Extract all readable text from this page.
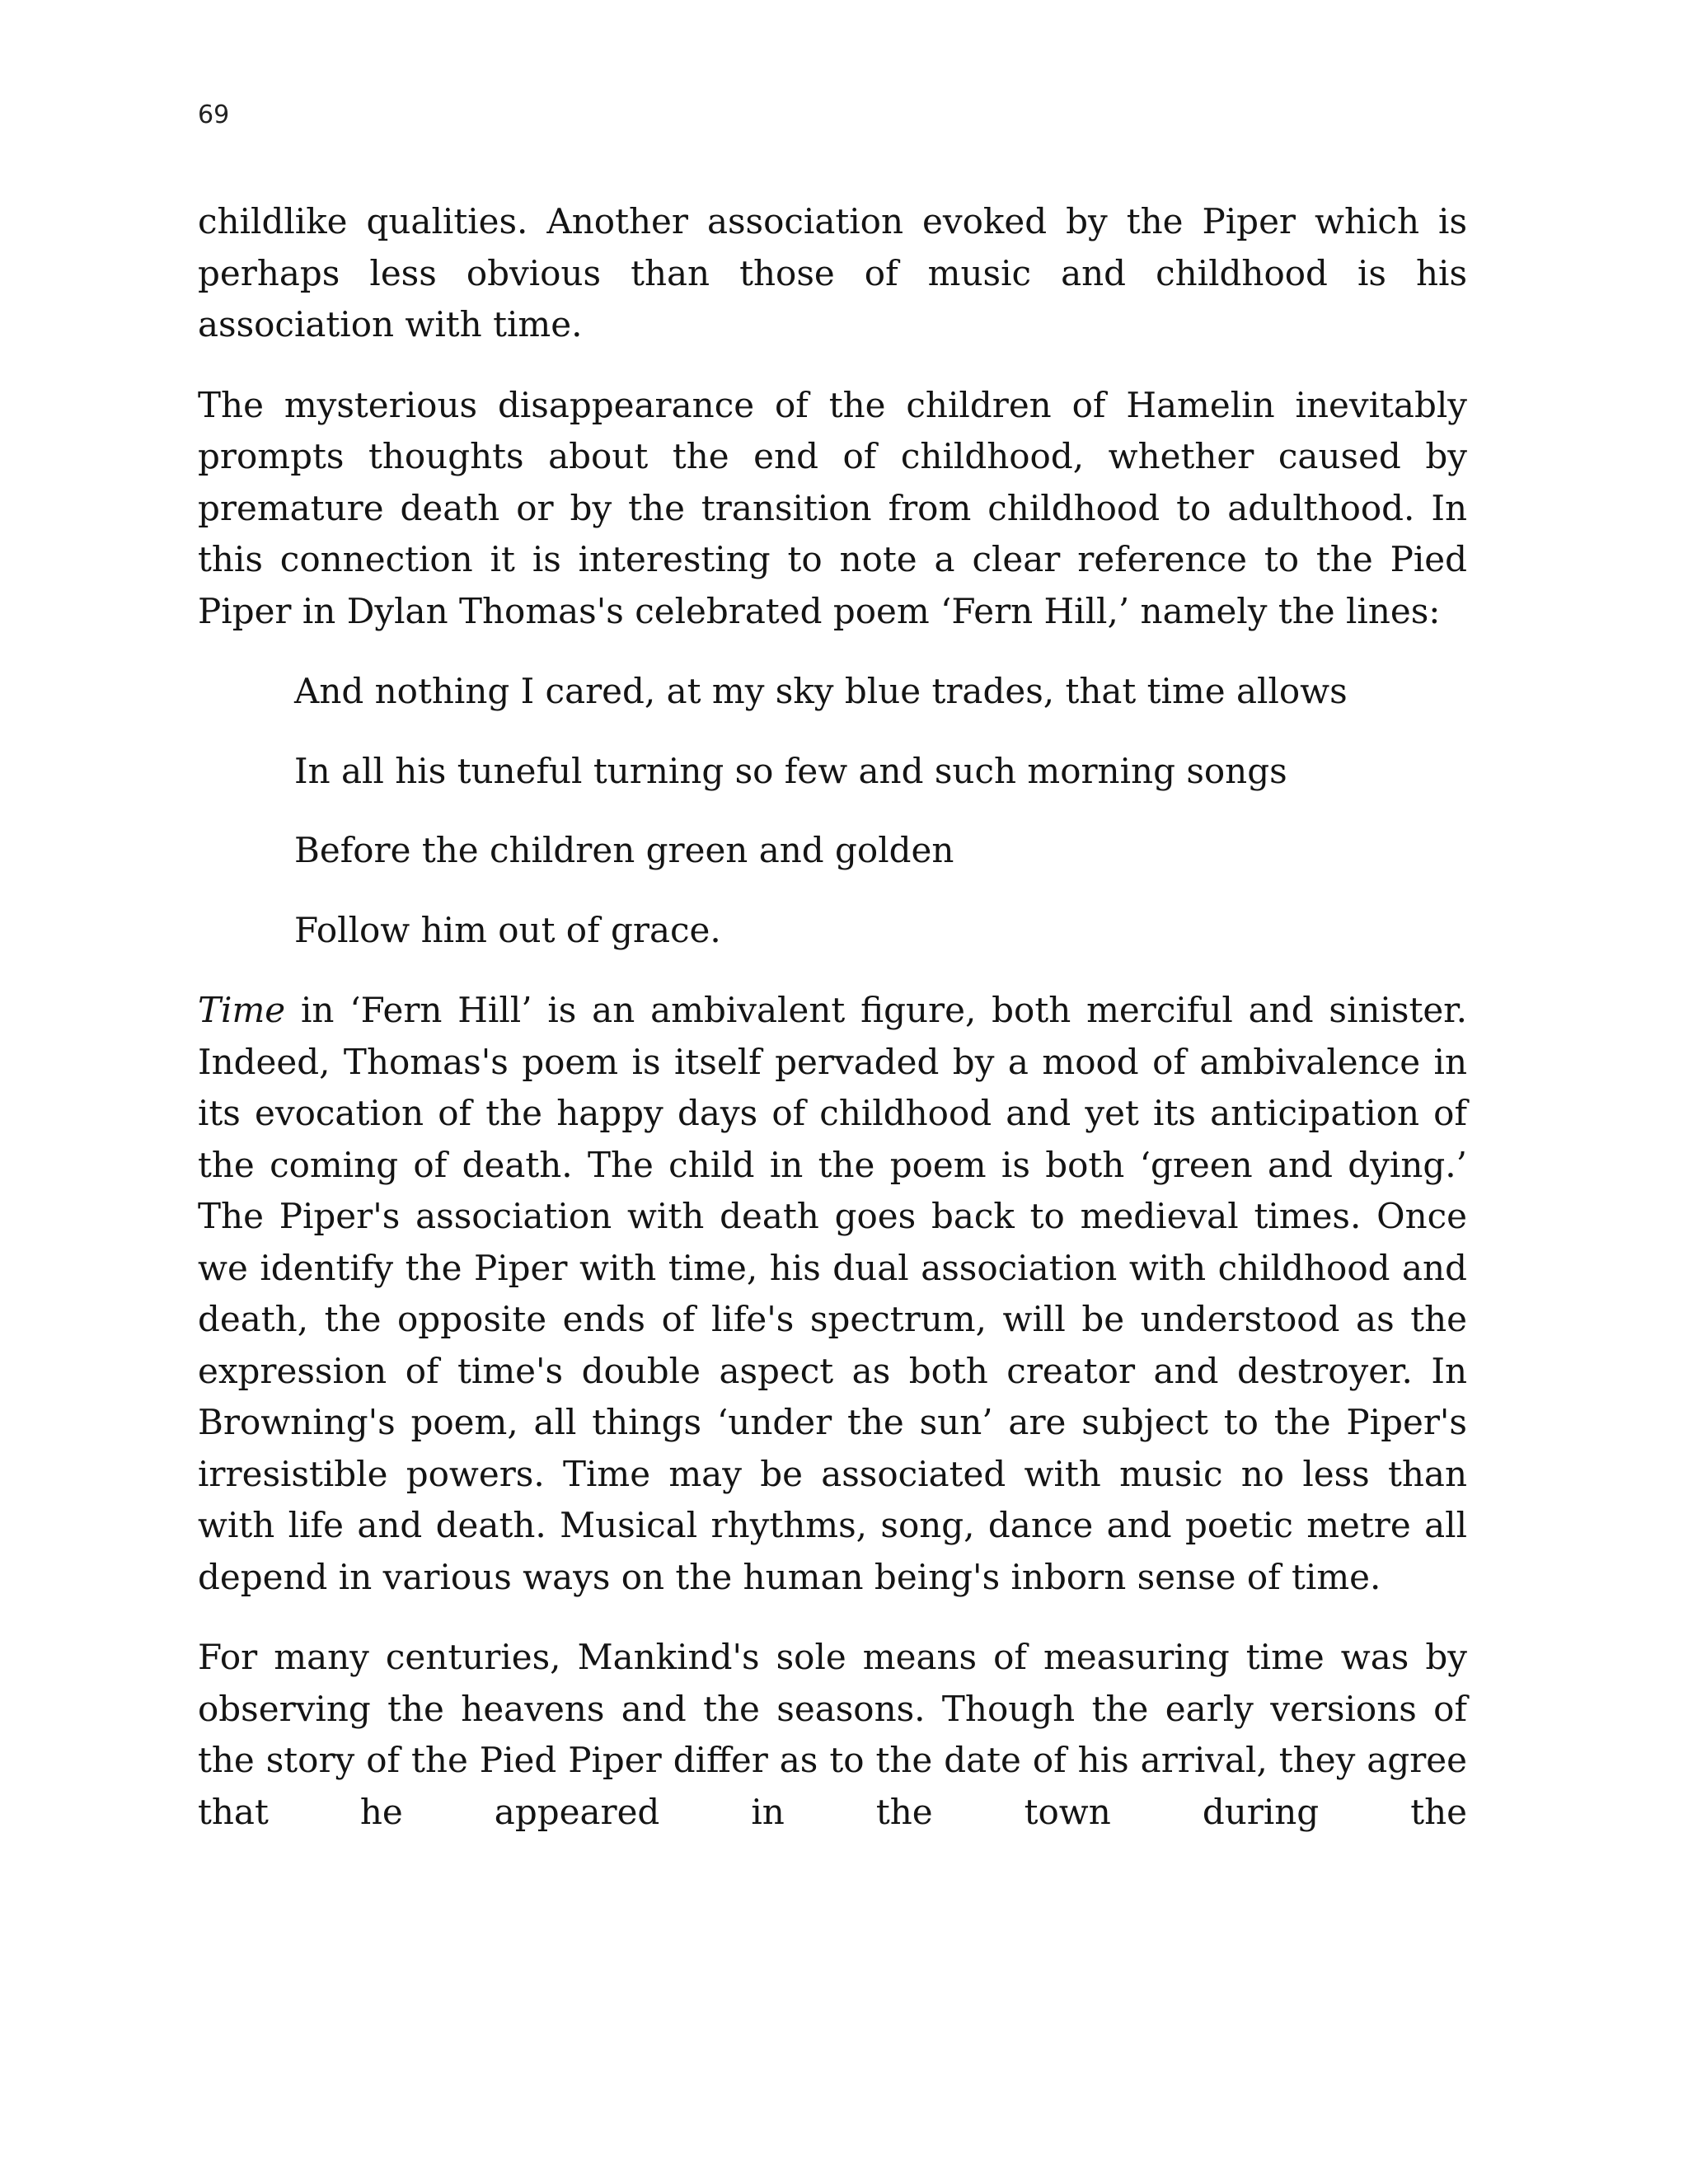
69

childlike qualities. Another association evoked by the Piper which is perhaps less obvious than those of music and childhood is his association with time.

The mysterious disappearance of the children of Hamelin inevitably prompts thoughts about the end of childhood, whether caused by premature death or by the transition from childhood to adulthood. In this connection it is interesting to note a clear reference to the Pied Piper in Dylan Thomas's celebrated poem ‘Fern Hill,’ namely the lines:

And nothing I cared, at my sky blue trades, that time allows
In all his tuneful turning so few and such morning songs
Before the children green and golden
Follow him out of grace.

Time in ‘Fern Hill’ is an ambivalent figure, both merciful and sinister. Indeed, Thomas's poem is itself pervaded by a mood of ambivalence in its evocation of the happy days of childhood and yet its anticipation of the coming of death. The child in the poem is both ‘green and dying.’ The Piper's association with death goes back to medieval times. Once we identify the Piper with time, his dual association with childhood and death, the opposite ends of life's spectrum, will be understood as the expression of time's double aspect as both creator and destroyer. In Browning's poem, all things ‘under the sun’ are subject to the Piper's irresistible powers. Time may be associated with music no less than with life and death. Musical rhythms, song, dance and poetic metre all depend in various ways on the human being's inborn sense of time.

For many centuries, Mankind's sole means of measuring time was by observing the heavens and the seasons. Though the early versions of the story of the Pied Piper differ as to the date of his arrival, they agree that he appeared in the town during the
